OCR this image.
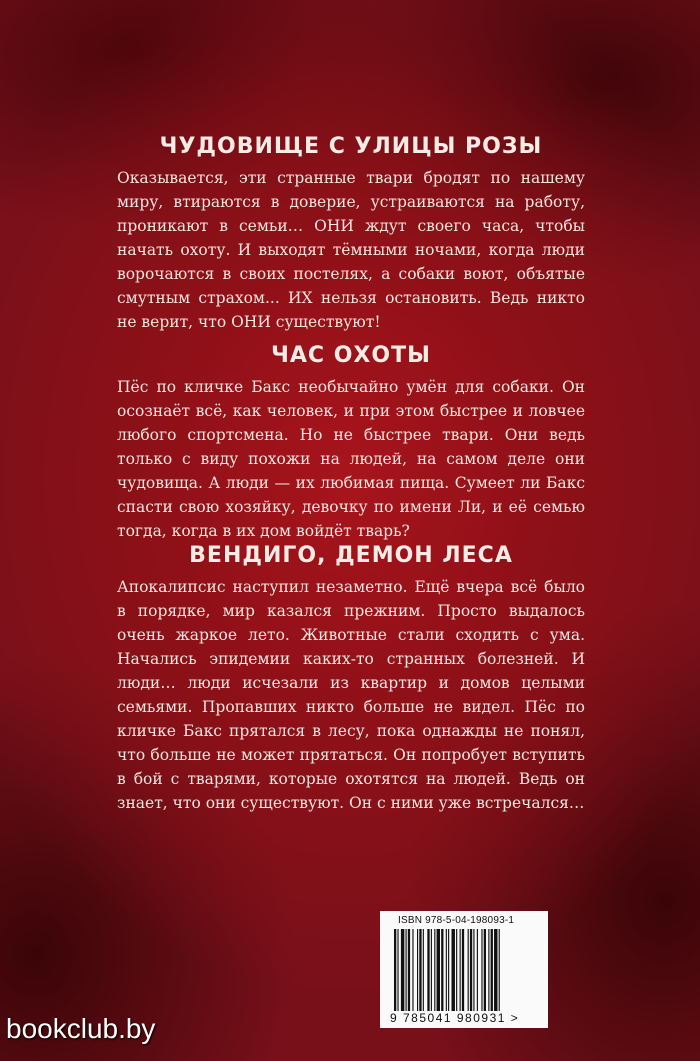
ЧУДОВИЩЕ С УЛИЦЫ РОЗЫ

Оказывается, эти странные твари бродят по нашему миру, втираются в доверие, устраиваются на работу, проникают в семьи… ОНИ ждут своего часа, чтобы начать охоту. И выходят тёмными ночами, когда люди ворочаются в своих постелях, а собаки воют, объятые смутным страхом... ИХ нельзя остановить. Ведь никто не верит, что ОНИ существуют!

ЧАС ОХОТЫ

Пёс по кличке Бакс необычайно умён для собаки. Он осознаёт всё, как человек, и при этом быстрее и ловчее любого спортсмена. Но не быстрее твари. Они ведь только с виду похожи на людей, на самом деле они чудовища. А люди — их любимая пища. Сумеет ли Бакс спасти свою хозяйку, девочку по имени Ли, и её семью тогда, когда в их дом войдёт тварь?

ВЕНДИГО, ДЕМОН ЛЕСА

Апокалипсис наступил незаметно. Ещё вчера всё было в порядке, мир казался прежним. Просто выдалось очень жаркое лето. Животные стали сходить с ума. Начались эпидемии каких-то странных болезней. И люди… люди исчезали из квартир и домов целыми семьями. Пропавших никто больше не видел. Пёс по кличке Бакс прятался в лесу, пока однажды не понял, что больше не может прятаться. Он попробует вступить в бой с тварями, которые охотятся на людей. Ведь он знает, что они существуют. Он с ними уже встречался…

ISBN 978-5-04-198093-1
9 785041 980931 >
bookclub.by
